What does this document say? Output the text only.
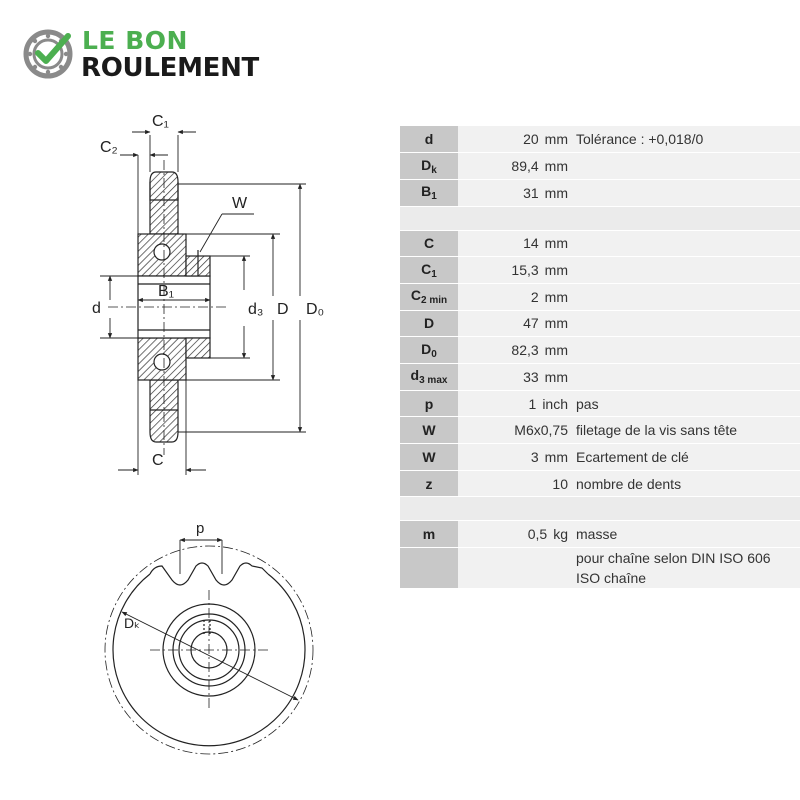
LE BON
ROULEMENT
C₁
C₂
W
d
B₁
d₃ D D₀
C
p
Dₖ
d	20 mm	Tolérance : +0,018/0

$D_k$	89,4 mm	
$B_1$	31 mm	

C	14 mm	
$C_1$	15,3 mm	
$C_{2 min}$	2 mm	
D	47 mm	
$D_0$	82,3 mm	
$d_{3 max}$	33 mm	
p	1 inch	pas

W	M6x0,75	filetage de la vis sans tête

W	3 mm	Ecartement de clé

z	10	nombre de dents

m	0,5 kg	masse

		pour chaîne selon DIN ISO 606
ISO chaîne
